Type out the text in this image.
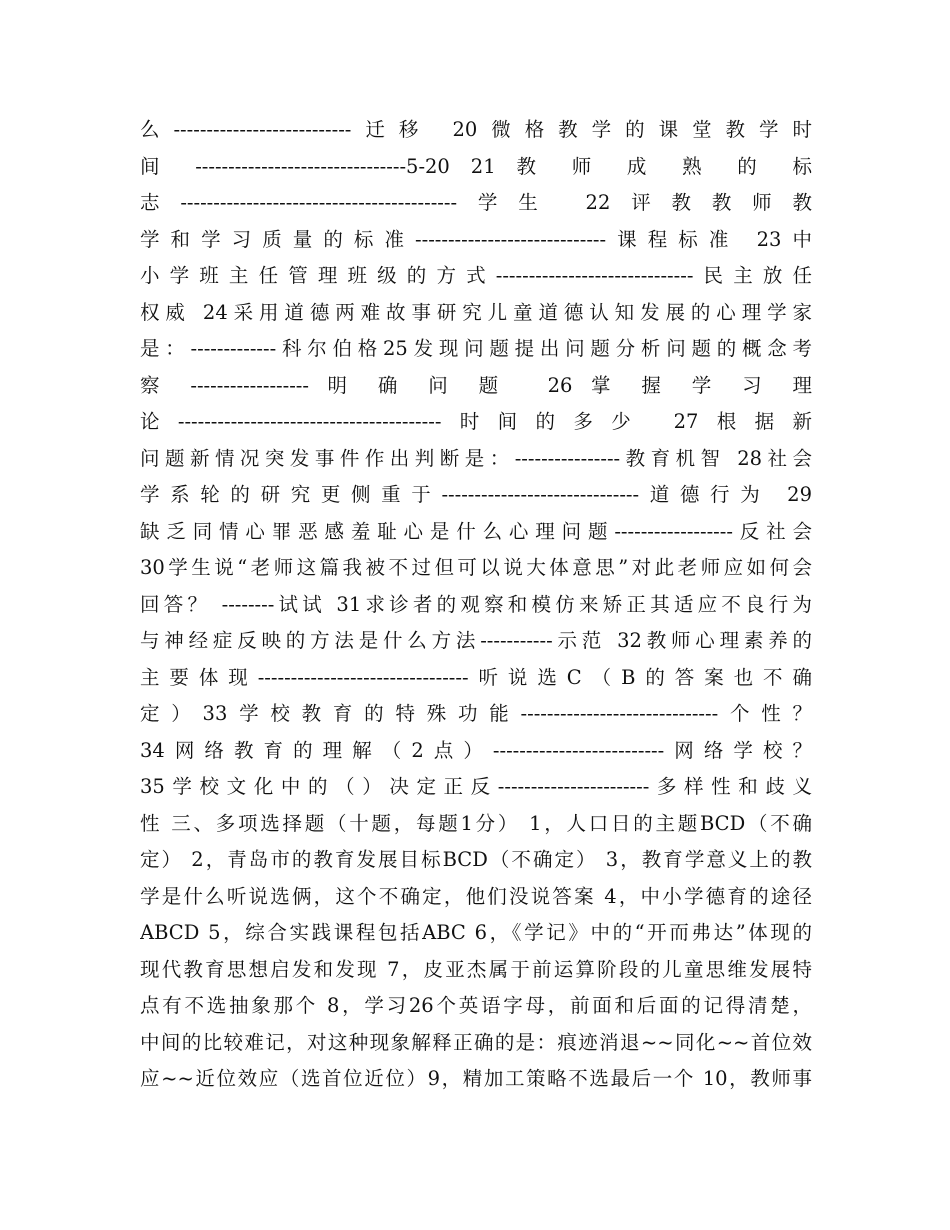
么---------------------------迁移 20微格教学的课堂教学时
间 --------------------------------5-20 21 教 师 成 熟 的 标
志------------------------------------------学生 22评教教师教
学和学习质量的标准-----------------------------课程标准 23中
小学班主任管理班级的方式------------------------------民主放任
权威 24采用道德两难故事研究儿童道德认知发展的心理学家
是：-------------科尔伯格25发现问题提出问题分析问题的概念考
察 ------------------ 明 确 问 题  26 掌 握 学 习 理
论----------------------------------------时间的多少 27根据新
问题新情况突发事件作出判断是：----------------教育机智 28社会
学系轮的研究更侧重于------------------------------道德行为 29
缺乏同情心罪恶感羞耻心是什么心理问题------------------反社会
30学生说“老师这篇我被不过但可以说大体意思”对此老师应如何会
回答？ --------试试 31求诊者的观察和模仿来矫正其适应不良行为
与神经症反映的方法是什么方法-----------示范 32教师心理素养的
主要体现--------------------------------听说选C（B的答案也不确
定）33学校教育的特殊功能------------------------------个性？
34网络教育的理解（2点）--------------------------网络学校？
35学校文化中的（）决定正反-----------------------多样性和歧义
性 三、多项选择题（十题，每题1分） 1，人口日的主题BCD（不确
定） 2，青岛市的教育发展目标BCD（不确定） 3，教育学意义上的教
学是什么听说选俩，这个不确定，他们没说答案 4，中小学德育的途径
ABCD 5，综合实践课程包括ABC 6，《学记》中的“开而弗达”体现的
现代教育思想启发和发现 7，皮亚杰属于前运算阶段的儿童思维发展特
点有不选抽象那个 8，学习26个英语字母，前面和后面的记得清楚，
中间的比较难记，对这种现象解释正确的是：痕迹消退~~同化~~首位效
应~~近位效应（选首位近位）9，精加工策略不选最后一个 10，教师事
